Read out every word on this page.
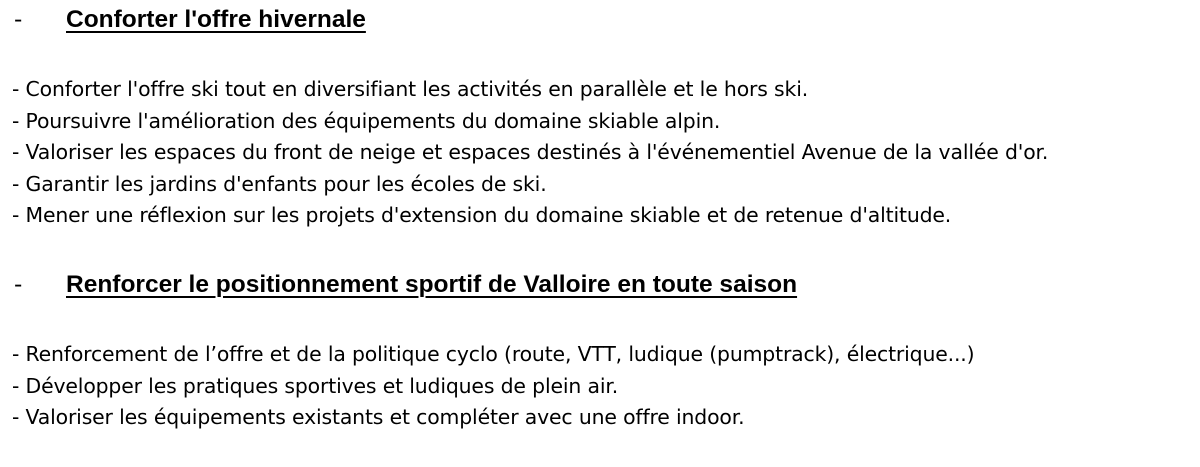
- Conforter l'offre hivernale
- Conforter l'offre ski tout en diversifiant les activités en parallèle et le hors ski.
- Poursuivre l'amélioration des équipements du domaine skiable alpin.
- Valoriser les espaces du front de neige et espaces destinés à l'événementiel Avenue de la vallée d'or.
- Garantir les jardins d'enfants pour les écoles de ski.
- Mener une réflexion sur les projets d'extension du domaine skiable et de retenue d'altitude.
- Renforcer le positionnement sportif de Valloire en toute saison
- Renforcement de l’offre et de la politique cyclo (route, VTT, ludique (pumptrack), électrique...)
- Développer les pratiques sportives et ludiques de plein air.
- Valoriser les équipements existants et compléter avec une offre indoor.
